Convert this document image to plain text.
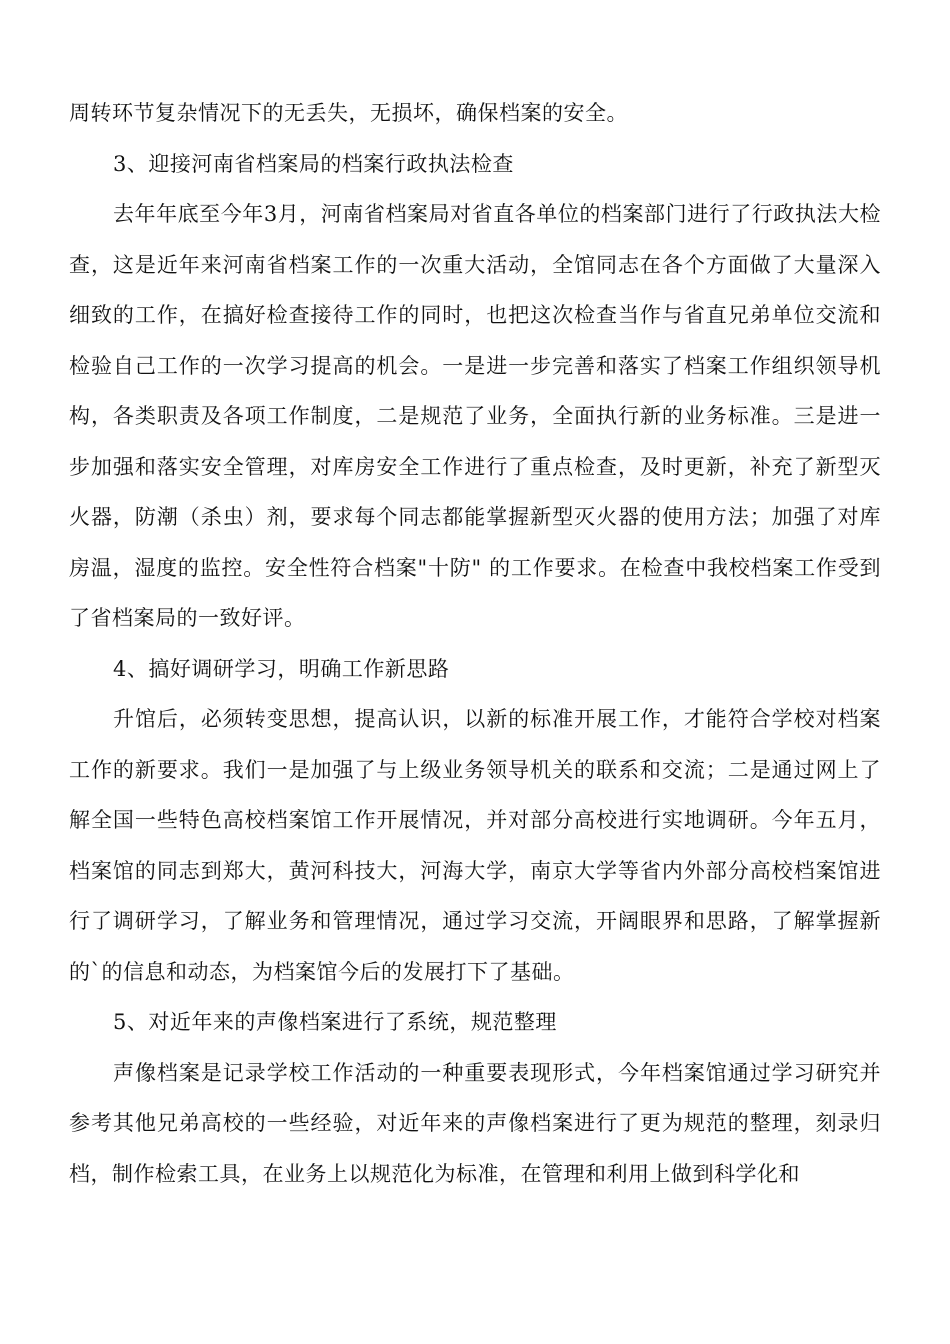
周转环节复杂情况下的无丢失，无损坏，确保档案的安全。

3、迎接河南省档案局的档案行政执法检查

去年年底至今年3月，河南省档案局对省直各单位的档案部门进行了行政执法大检查，这是近年来河南省档案工作的一次重大活动，全馆同志在各个方面做了大量深入细致的工作，在搞好检查接待工作的同时，也把这次检查当作与省直兄弟单位交流和检验自己工作的一次学习提高的机会。一是进一步完善和落实了档案工作组织领导机构，各类职责及各项工作制度，二是规范了业务，全面执行新的业务标准。三是进一步加强和落实安全管理，对库房安全工作进行了重点检查，及时更新，补充了新型灭火器，防潮（杀虫）剂，要求每个同志都能掌握新型灭火器的使用方法；加强了对库房温，湿度的监控。安全性符合档案"十防" 的工作要求。在检查中我校档案工作受到了省档案局的一致好评。

4、搞好调研学习，明确工作新思路

升馆后，必须转变思想，提高认识，以新的标准开展工作，才能符合学校对档案工作的新要求。我们一是加强了与上级业务领导机关的联系和交流；二是通过网上了解全国一些特色高校档案馆工作开展情况，并对部分高校进行实地调研。今年五月，档案馆的同志到郑大，黄河科技大，河海大学，南京大学等省内外部分高校档案馆进行了调研学习，了解业务和管理情况，通过学习交流，开阔眼界和思路，了解掌握新的`的信息和动态，为档案馆今后的发展打下了基础。

5、对近年来的声像档案进行了系统，规范整理

声像档案是记录学校工作活动的一种重要表现形式，今年档案馆通过学习研究并参考其他兄弟高校的一些经验，对近年来的声像档案进行了更为规范的整理，刻录归档，制作检索工具，在业务上以规范化为标准，在管理和利用上做到科学化和
